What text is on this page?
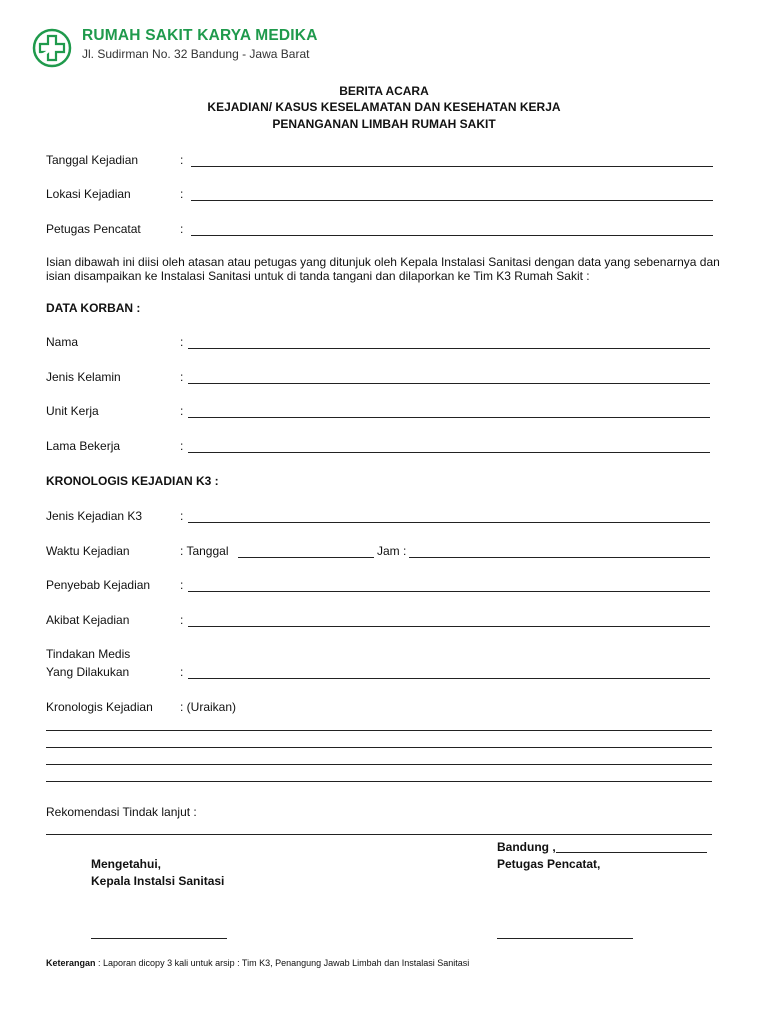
RUMAH SAKIT KARYA MEDIKA
Jl. Sudirman No. 32 Bandung - Jawa Barat
BERITA ACARA
KEJADIAN/ KASUS KESELAMATAN DAN KESEHATAN KERJA
PENANGANAN LIMBAH RUMAH SAKIT
Tanggal Kejadian	:
Lokasi Kejadian	:
Petugas Pencatat	:
Isian dibawah ini diisi oleh atasan atau petugas yang ditunjuk oleh Kepala Instalasi Sanitasi dengan data yang sebenarnya dan isian disampaikan ke Instalasi Sanitasi untuk di tanda tangani dan dilaporkan ke Tim K3 Rumah Sakit :
DATA KORBAN :
Nama	:
Jenis Kelamin	:
Unit Kerja	:
Lama Bekerja	:
KRONOLOGIS KEJADIAN K3 :
Jenis Kejadian K3	:
Waktu Kejadian	: Tanggal	Jam :
Penyebab Kejadian :
Akibat Kejadian	:
Tindakan Medis
Yang Dilakukan	:
Kronologis Kejadian : (Uraikan)
Rekomendasi Tindak lanjut :
Bandung ,
Petugas Pencatat,
Mengetahui,
Kepala Instalsi Sanitasi
Keterangan : Laporan dicopy 3 kali untuk arsip : Tim K3, Penangung Jawab Limbah dan Instalasi Sanitasi
